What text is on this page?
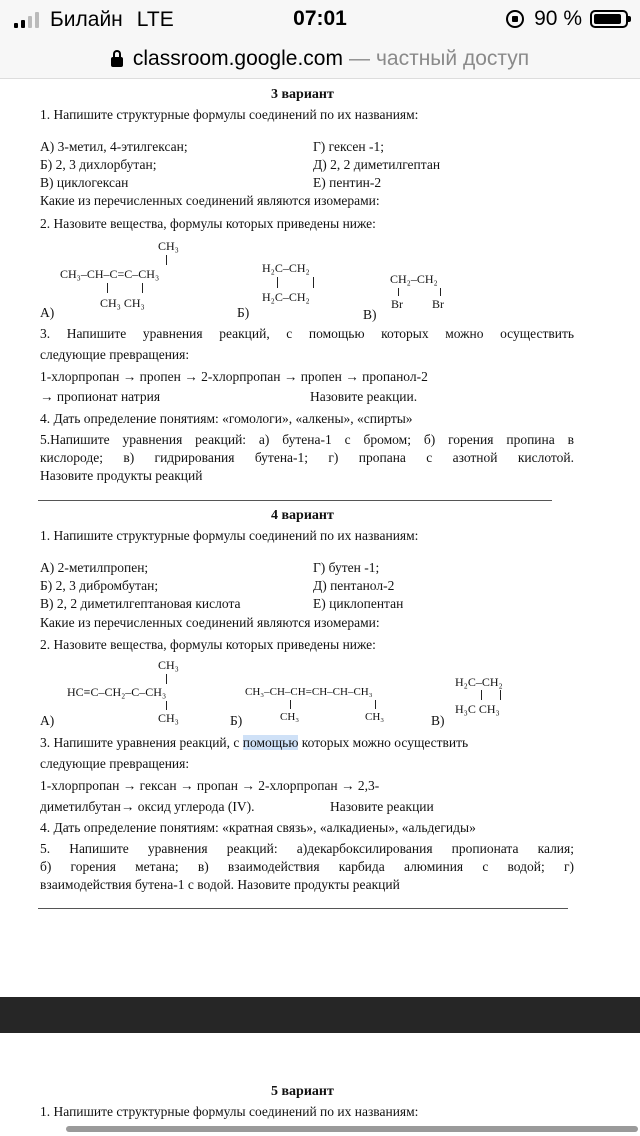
Билайн LTE	07:01	90 %
classroom.google.com — частный доступ
3 вариант
1. Напишите структурные формулы соединений по их названиям:
А) 3-метил, 4-этилгексан;	Г) гексен -1;
Б) 2, 3 дихлорбутан;	Д) 2, 2 диметилгептан
В) циклогексан	Е) пентин-2
Какие из перечисленных соединений являются изомерами:
2. Назовите вещества, формулы которых приведены ниже:
CH₃
CH₃–CH–C=C–CH₃
CH₃ CH₃
А)
H₂C–CH₂
H₂C–CH₂
Б)
CH₂–CH₂
Br Br
В)
3. Напишите уравнения реакций, с помощью которых можно осуществить
следующие превращения:
1-хлорпропан → пропен → 2-хлорпропан → пропен → пропанол-2
→ пропионат натрия	Назовите реакции.
4. Дать определение понятиям: «гомологи», «алкены», «спирты»
5.Напишите уравнения реакций: а) бутена-1 с бромом; б) горения пропина в
кислороде; в) гидрирования бутена-1; г) пропана с азотной кислотой.
Назовите продукты реакций
4 вариант
1. Напишите структурные формулы соединений по их названиям:
А) 2-метилпропен;	Г) бутен -1;
Б) 2, 3 дибромбутан;	Д) пентанол-2
В) 2, 2 диметилгептановая кислота	Е) циклопентан
Какие из перечисленных соединений являются изомерами:
2. Назовите вещества, формулы которых приведены ниже:
CH₃
HC≡C–CH₂–C–CH₃
CH₃
А)
CH₃–CH–CH=CH–CH–CH₃
CH₃	CH₃
Б)
H₂C–CH₂
H₃C CH₃
В)
3. Напишите уравнения реакций, с помощью которых можно осуществить
следующие превращения:
1-хлорпропан → гексан → пропан → 2-хлорпропан → 2,3-
диметилбутан→ оксид углерода (IV).	Назовите реакции
4. Дать определение понятиям: «кратная связь», «алкадиены», «альдегиды»
5. Напишите уравнения реакций: а)декарбоксилирования пропионата калия;
б) горения метана; в) взаимодействия карбида алюминия с водой; г)
взаимодействия бутена-1 с водой. Назовите продукты реакций
5 вариант
1. Напишите структурные формулы соединений по их названиям:
